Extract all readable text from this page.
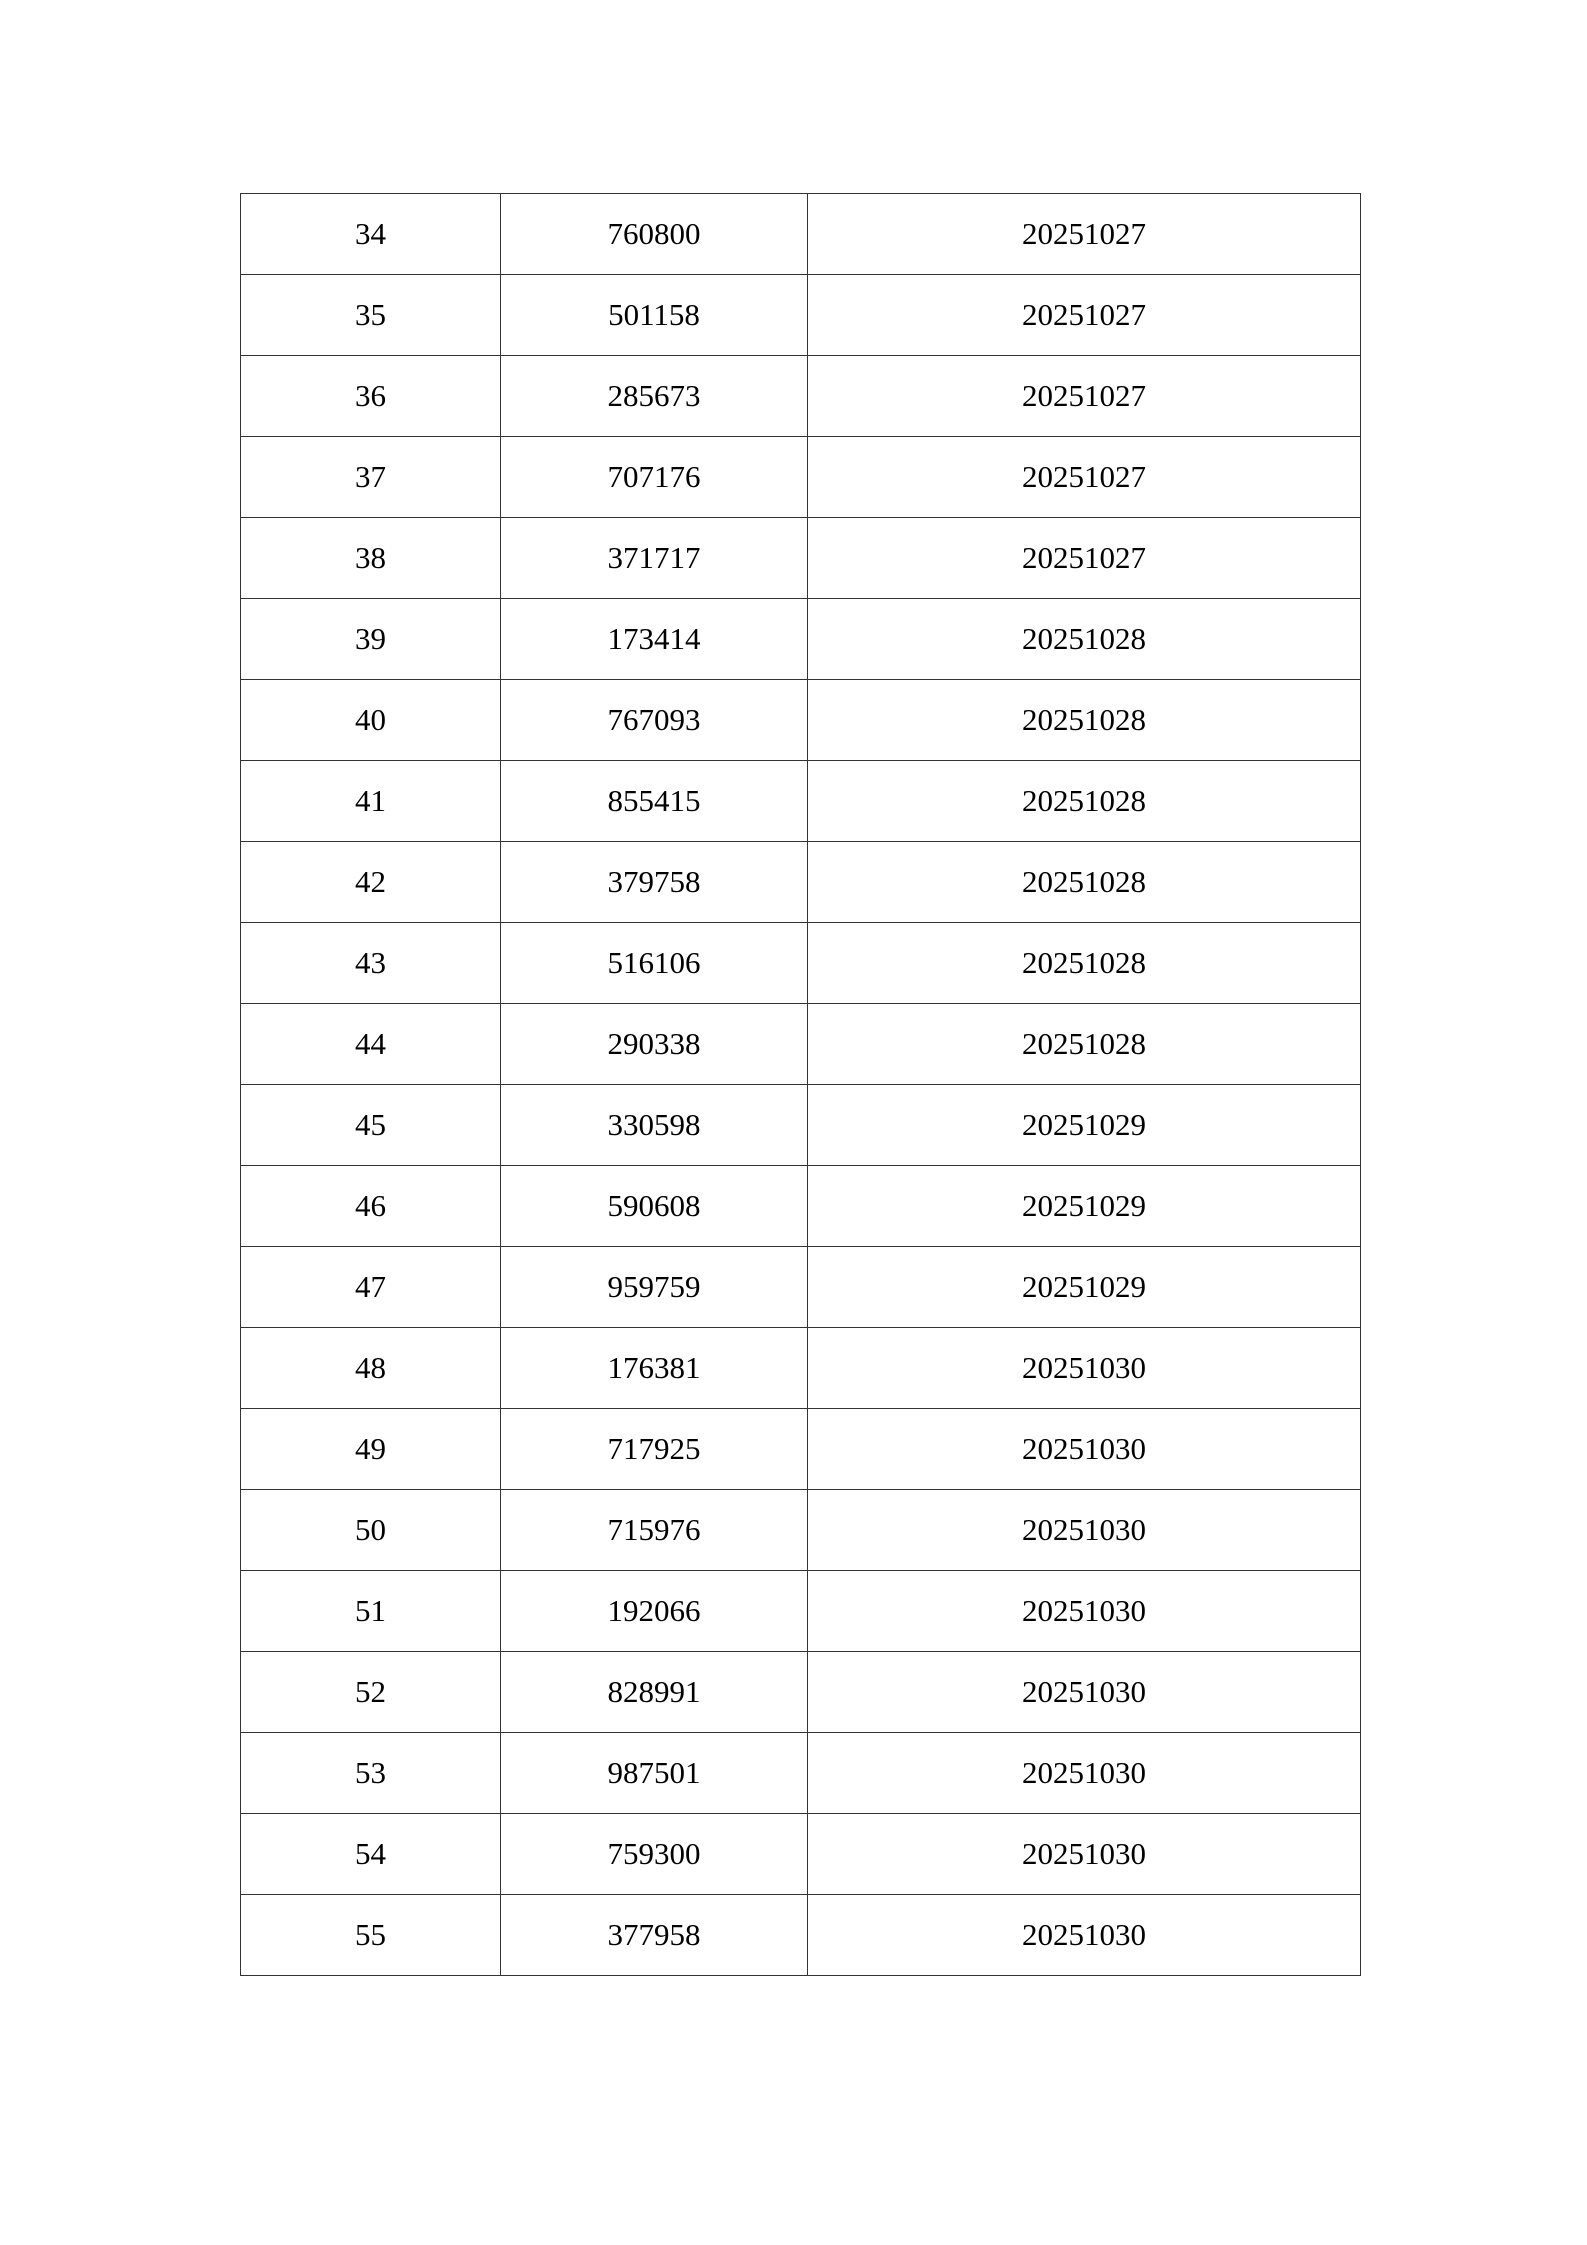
34	760800	20251027
35	501158	20251027
36	285673	20251027
37	707176	20251027
38	371717	20251027
39	173414	20251028
40	767093	20251028
41	855415	20251028
42	379758	20251028
43	516106	20251028
44	290338	20251028
45	330598	20251029
46	590608	20251029
47	959759	20251029
48	176381	20251030
49	717925	20251030
50	715976	20251030
51	192066	20251030
52	828991	20251030
53	987501	20251030
54	759300	20251030
55	377958	20251030
